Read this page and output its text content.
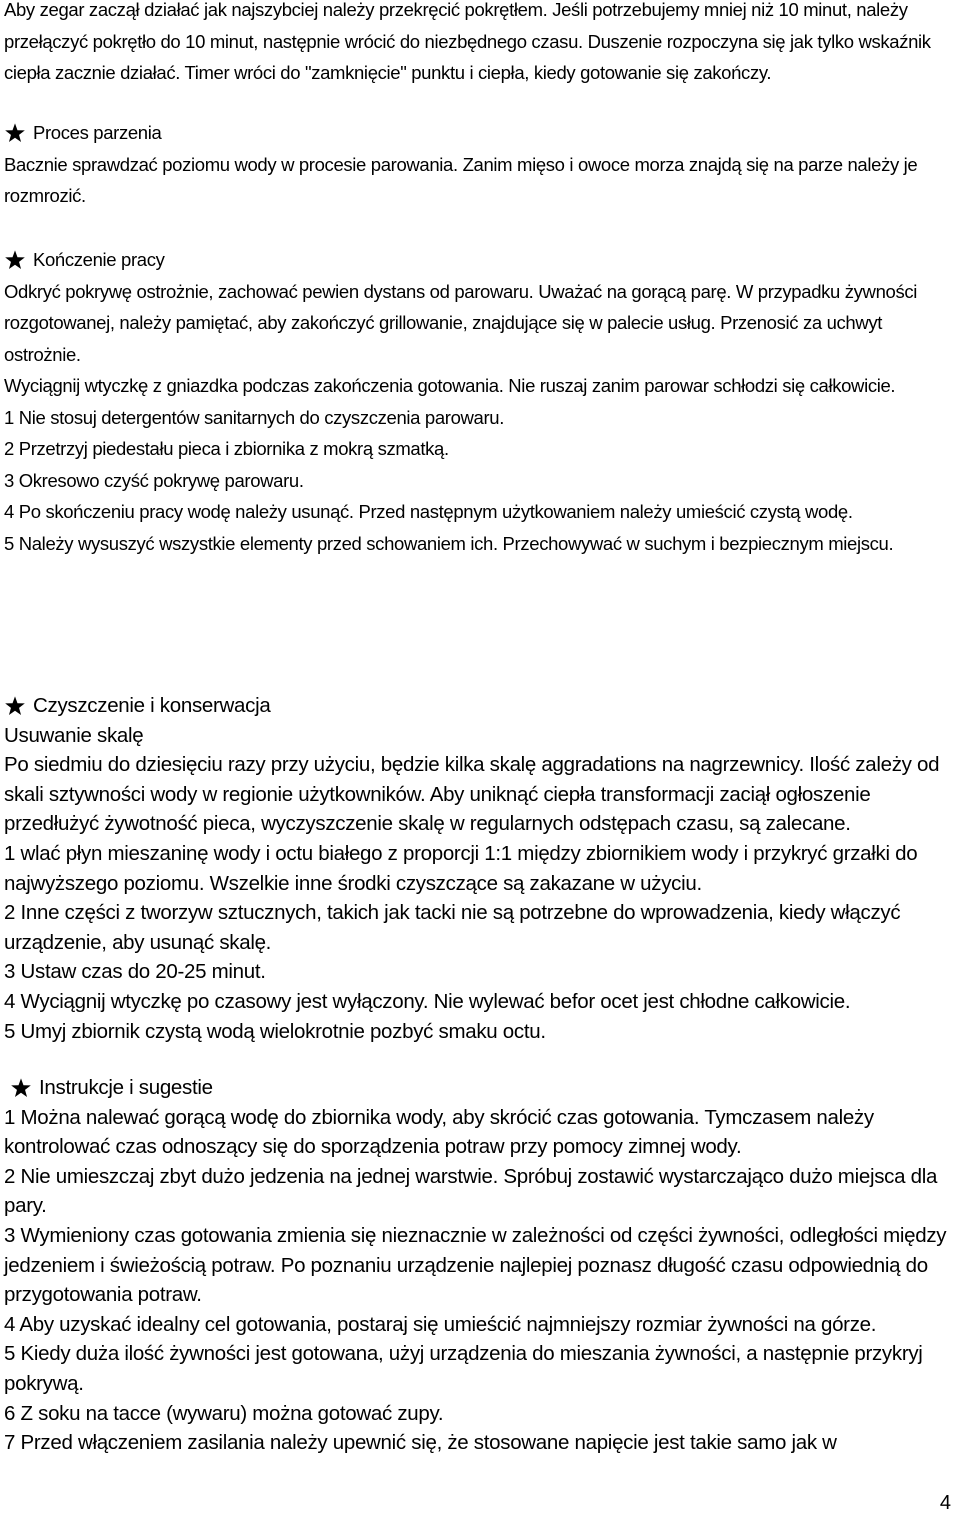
Aby zegar zaczął działać jak najszybciej należy przekręcić pokrętłem. Jeśli potrzebujemy mniej niż 10 minut, należy przełączyć pokrętło do 10 minut, następnie wrócić do niezbędnego czasu. Duszenie rozpoczyna się jak tylko wskaźnik ciepła zacznie działać. Timer wróci do "zamknięcie" punktu i ciepła, kiedy gotowanie się zakończy.

Proces parzenia

Bacznie sprawdzać poziomu wody w procesie parowania. Zanim mięso i owoce morza znajdą się na parze należy je rozmrozić.

Kończenie pracy

Odkryć pokrywę ostrożnie, zachować pewien dystans od parowaru. Uważać na gorącą parę. W przypadku żywności rozgotowanej, należy pamiętać, aby zakończyć grillowanie, znajdujące się w palecie usług. Przenosić za uchwyt ostrożnie.

Wyciągnij wtyczkę z gniazdka podczas zakończenia gotowania. Nie ruszaj zanim parowar schłodzi się całkowicie.

1 Nie stosuj detergentów sanitarnych do czyszczenia parowaru.

2 Przetrzyj piedestału pieca i zbiornika z mokrą szmatką.

3 Okresowo czyść pokrywę parowaru.

4 Po skończeniu pracy wodę należy usunąć. Przed następnym użytkowaniem należy umieścić czystą wodę.

5 Należy wysuszyć wszystkie elementy przed schowaniem ich. Przechowywać w suchym i bezpiecznym miejscu.

Czyszczenie i konserwacja

Usuwanie skalę

Po siedmiu do dziesięciu razy przy użyciu, będzie kilka skalę aggradations na nagrzewnicy. Ilość zależy od skali sztywności wody w regionie użytkowników. Aby uniknąć ciepła transformacji zaciął ogłoszenie przedłużyć żywotność pieca, wyczyszczenie skalę w regularnych odstępach czasu, są zalecane.

1 wlać płyn mieszaninę wody i octu białego z proporcji 1:1 między zbiornikiem wody i przykryć grzałki do najwyższego poziomu. Wszelkie inne środki czyszczące są zakazane w użyciu.

2 Inne części z tworzyw sztucznych, takich jak tacki nie są potrzebne do wprowadzenia, kiedy włączyć urządzenie, aby usunąć skalę.

3 Ustaw czas do 20-25 minut.

4 Wyciągnij wtyczkę po czasowy jest wyłączony. Nie wylewać befor ocet jest chłodne całkowicie.

5 Umyj zbiornik czystą wodą wielokrotnie pozbyć smaku octu.

Instrukcje i sugestie

1 Można nalewać gorącą wodę do zbiornika wody, aby skrócić czas gotowania. Tymczasem należy kontrolować czas odnoszący się do sporządzenia potraw przy pomocy zimnej wody.

2 Nie umieszczaj zbyt dużo jedzenia na jednej warstwie. Spróbuj zostawić wystarczająco dużo miejsca dla pary.

3 Wymieniony czas gotowania zmienia się nieznacznie w zależności od części żywności, odległości między jedzeniem i świeżością potraw. Po poznaniu urządzenie najlepiej poznasz długość czasu odpowiednią do przygotowania potraw.

4 Aby uzyskać idealny cel gotowania, postaraj się umieścić najmniejszy rozmiar żywności na górze.

5 Kiedy duża ilość żywności jest gotowana, użyj urządzenia do mieszania żywności, a następnie przykryj pokrywą.

6 Z soku na tacce (wywaru) można gotować zupy.

7 Przed włączeniem zasilania należy upewnić się, że stosowane napięcie jest takie samo jak w

4
